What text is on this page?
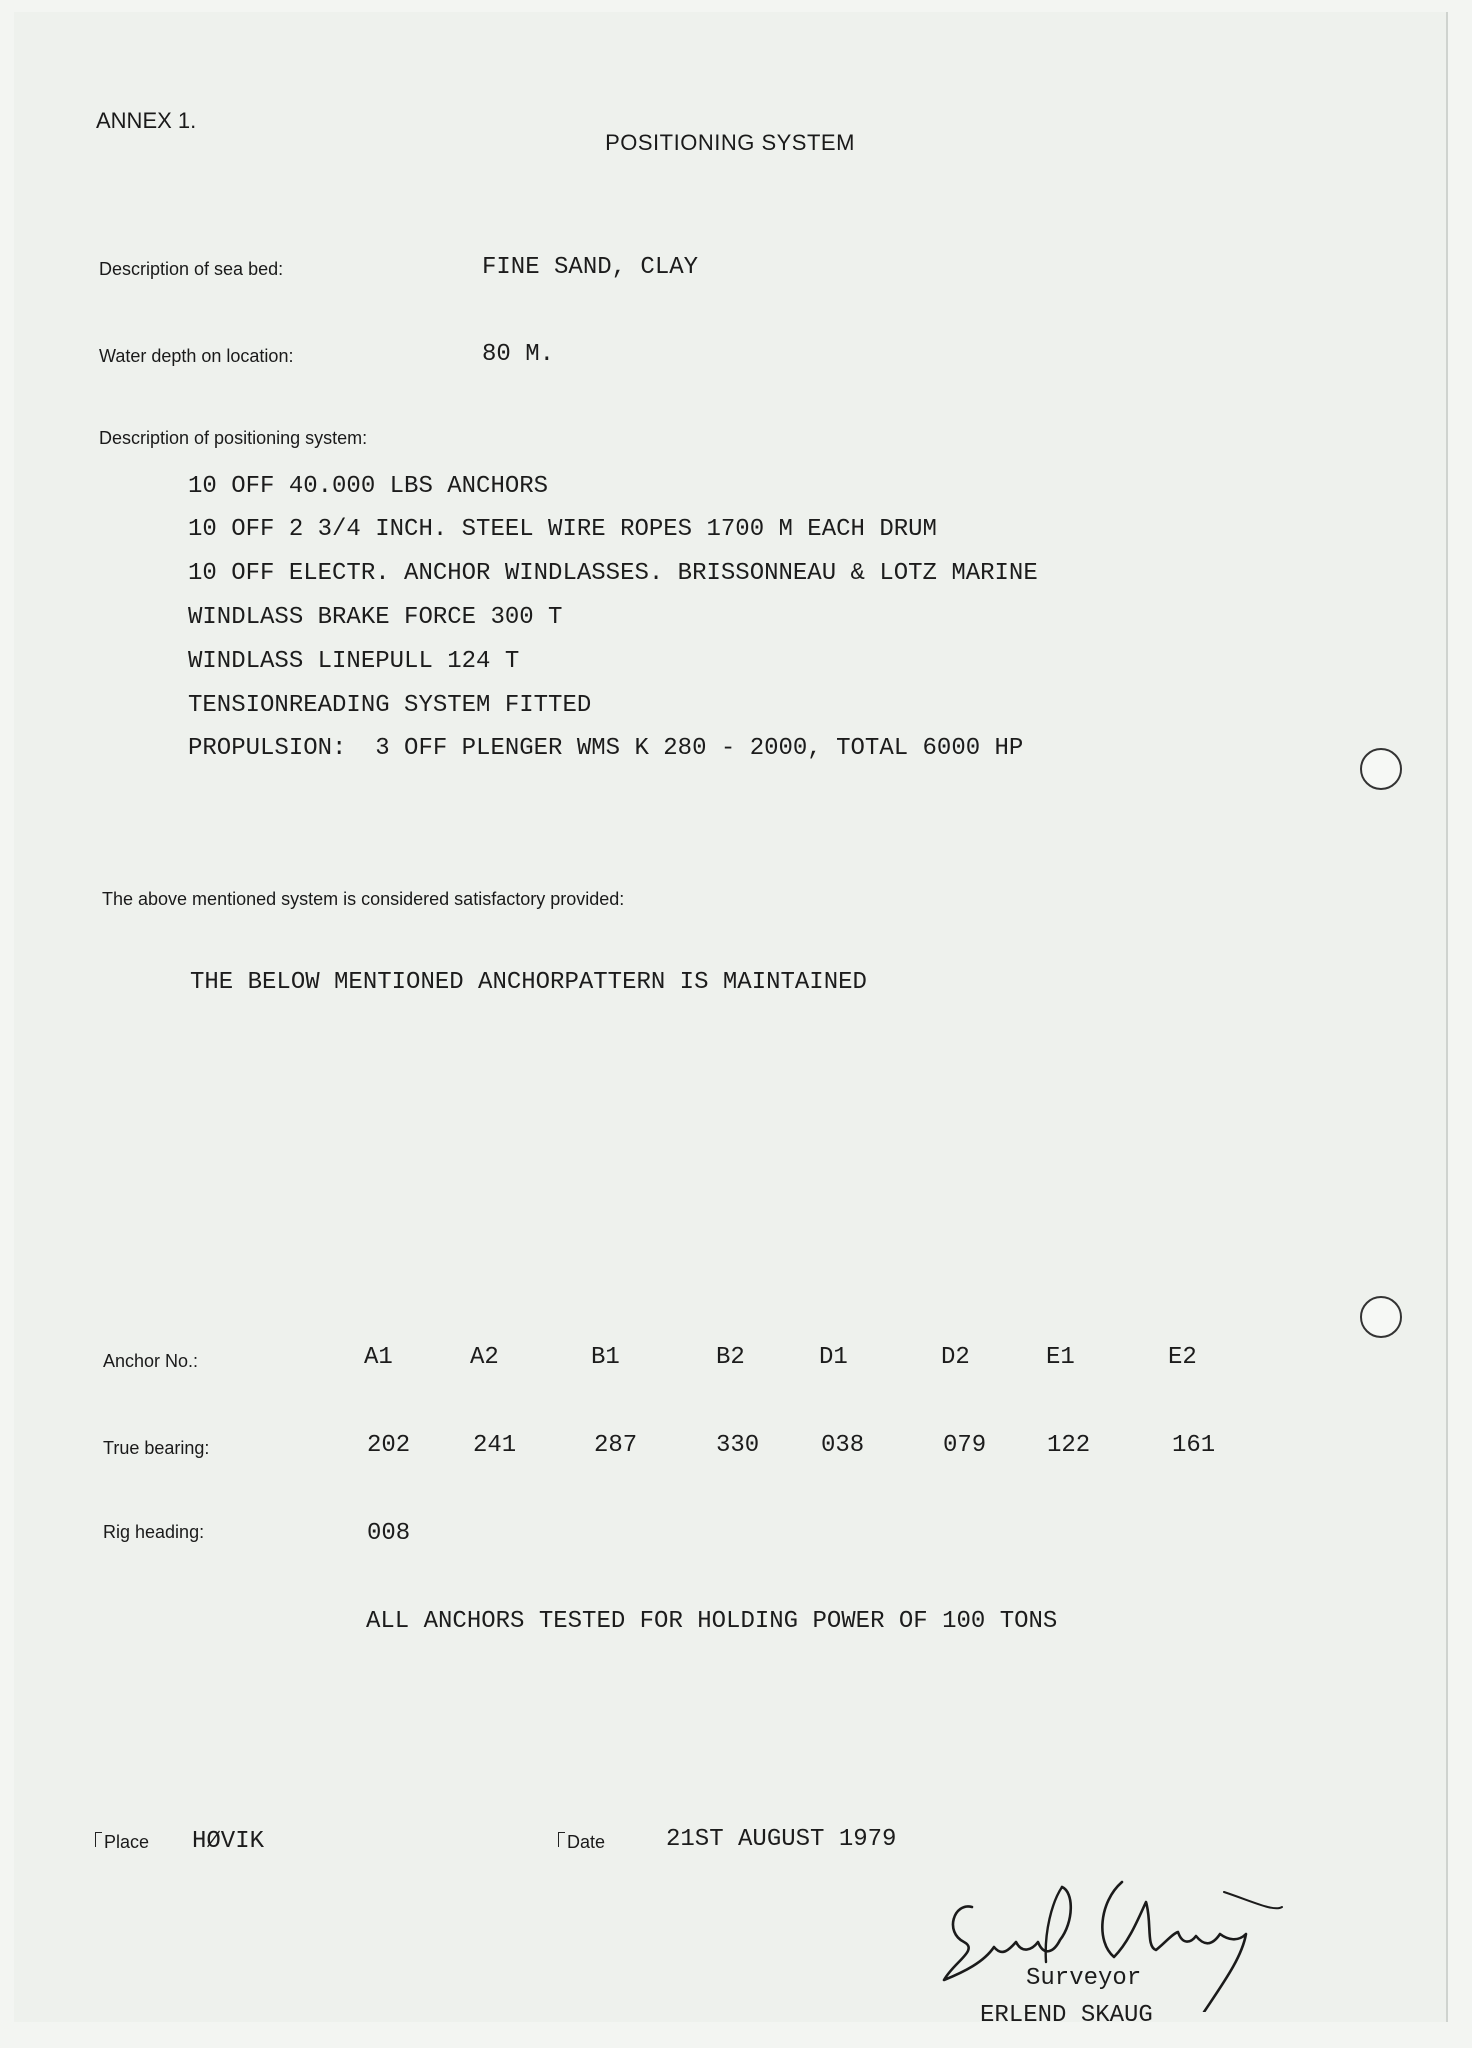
ANNEX 1.
POSITIONING SYSTEM
Description of sea bed:	FINE SAND, CLAY
Water depth on location:	80 M.
Description of positioning system:
10 OFF 40.000 LBS ANCHORS
10 OFF 2 3/4 INCH. STEEL WIRE ROPES 1700 M EACH DRUM
10 OFF ELECTR. ANCHOR WINDLASSES. BRISSONNEAU & LOTZ MARINE
WINDLASS BRAKE FORCE 300 T
WINDLASS LINEPULL 124 T
TENSIONREADING SYSTEM FITTED
PROPULSION:  3 OFF PLENGER WMS K 280 - 2000, TOTAL 6000 HP
The above mentioned system is considered satisfactory provided:
THE BELOW MENTIONED ANCHORPATTERN IS MAINTAINED
Anchor No.:	A1	A2	B1	B2	D1	D2	E1	E2
True bearing:	202	241	287	330	038	079	122	161
Rig heading:	008
ALL ANCHORS TESTED FOR HOLDING POWER OF 100 TONS
Place HØVIK	Date	21ST AUGUST 1979
Surveyor
ERLEND SKAUG
